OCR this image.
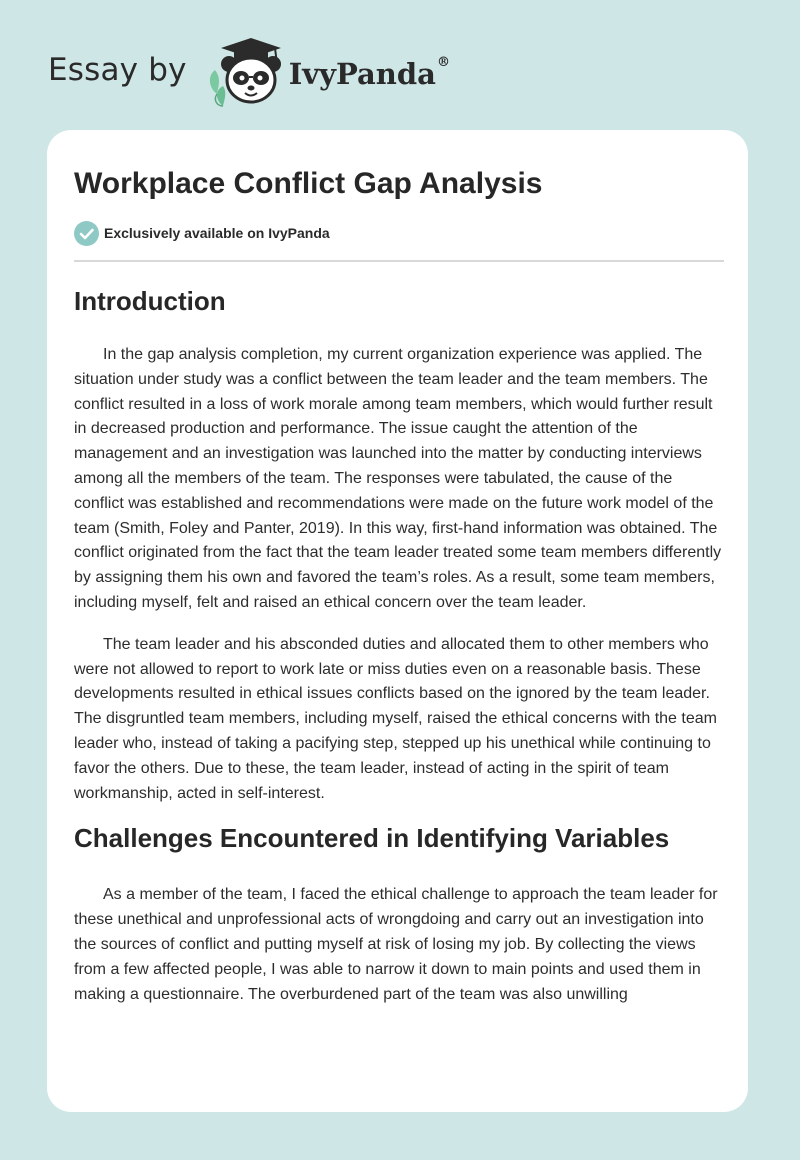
Essay by	IvyPanda®
Workplace Conflict Gap Analysis
Exclusively available on IvyPanda
Introduction

In the gap analysis completion, my current organization experience was applied. The situation under study was a conflict between the team leader and the team members. The conflict resulted in a loss of work morale among team members, which would further result in decreased production and performance. The issue caught the attention of the management and an investigation was launched into the matter by conducting interviews among all the members of the team. The responses were tabulated, the cause of the conflict was established and recommendations were made on the future work model of the team (Smith, Foley and Panter, 2019). In this way, first-hand information was obtained. The conflict originated from the fact that the team leader treated some team members differently by assigning them his own and favored the team’s roles. As a result, some team members, including myself, felt and raised an ethical concern over the team leader.

The team leader and his absconded duties and allocated them to other members who were not allowed to report to work late or miss duties even on a reasonable basis. These developments resulted in ethical issues conflicts based on the ignored by the team leader. The disgruntled team members, including myself, raised the ethical concerns with the team leader who, instead of taking a pacifying step, stepped up his unethical while continuing to favor the others. Due to these, the team leader, instead of acting in the spirit of team workmanship, acted in self-interest.

Challenges Encountered in Identifying Variables

As a member of the team, I faced the ethical challenge to approach the team leader for these unethical and unprofessional acts of wrongdoing and carry out an investigation into the sources of conflict and putting myself at risk of losing my job. By collecting the views from a few affected people, I was able to narrow it down to main points and used them in making a questionnaire. The overburdened part of the team was also unwilling
